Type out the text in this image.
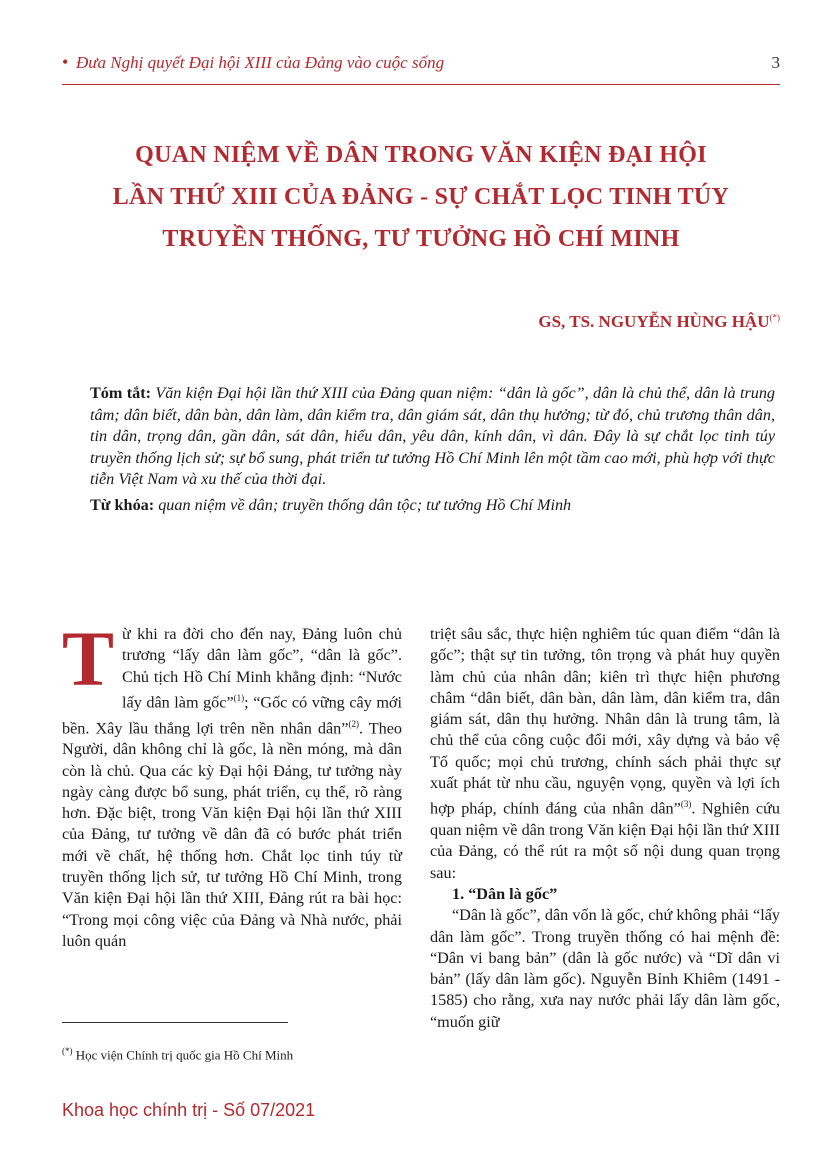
• Đưa Nghị quyết Đại hội XIII của Đảng vào cuộc sống	3
QUAN NIỆM VỀ DÂN TRONG VĂN KIỆN ĐẠI HỘI
LẦN THỨ XIII CỦA ĐẢNG - SỰ CHẮT LỌC TINH TÚY
TRUYỀN THỐNG, TƯ TƯỞNG HỒ CHÍ MINH
GS, TS. NGUYỄN HÙNG HẬU(*)

Tóm tắt: Văn kiện Đại hội lần thứ XIII của Đảng quan niệm: “dân là gốc”, dân là chủ thể, dân là trung tâm; dân biết, dân bàn, dân làm, dân kiểm tra, dân giám sát, dân thụ hưởng; từ đó, chủ trương thân dân, tin dân, trọng dân, gần dân, sát dân, hiểu dân, yêu dân, kính dân, vì dân. Đây là sự chắt lọc tinh túy truyền thống lịch sử; sự bổ sung, phát triển tư tưởng Hồ Chí Minh lên một tầm cao mới, phù hợp với thực tiễn Việt Nam và xu thế của thời đại.

Từ khóa: quan niệm về dân; truyền thống dân tộc; tư tưởng Hồ Chí Minh

Từ khi ra đời cho đến nay, Đảng luôn chủ trương “lấy dân làm gốc”, “dân là gốc”. Chủ tịch Hồ Chí Minh khẳng định: “Nước lấy dân làm gốc”$^{(1)}$; “Gốc có vững cây mới bền. Xây lầu thắng lợi trên nền nhân dân”$^{(2)}$. Theo Người, dân không chỉ là gốc, là nền móng, mà dân còn là chủ. Qua các kỳ Đại hội Đảng, tư tưởng này ngày càng được bổ sung, phát triển, cụ thể, rõ ràng hơn. Đặc biệt, trong Văn kiện Đại hội lần thứ XIII của Đảng, tư tưởng về dân đã có bước phát triển mới về chất, hệ thống hơn. Chắt lọc tinh túy từ truyền thống lịch sử, tư tưởng Hồ Chí Minh, trong Văn kiện Đại hội lần thứ XIII, Đảng rút ra bài học: “Trong mọi công việc của Đảng và Nhà nước, phải luôn quán

triệt sâu sắc, thực hiện nghiêm túc quan điểm “dân là gốc”; thật sự tin tưởng, tôn trọng và phát huy quyền làm chủ của nhân dân; kiên trì thực hiện phương châm “dân biết, dân bàn, dân làm, dân kiểm tra, dân giám sát, dân thụ hưởng. Nhân dân là trung tâm, là chủ thể của công cuộc đổi mới, xây dựng và bảo vệ Tổ quốc; mọi chủ trương, chính sách phải thực sự xuất phát từ nhu cầu, nguyện vọng, quyền và lợi ích hợp pháp, chính đáng của nhân dân”$^{(3)}$. Nghiên cứu quan niệm về dân trong Văn kiện Đại hội lần thứ XIII của Đảng, có thể rút ra một số nội dung quan trọng sau:

1. “Dân là gốc”

“Dân là gốc”, dân vốn là gốc, chứ không phải “lấy dân làm gốc”. Trong truyền thống có hai mệnh đề: “Dân vi bang bản” (dân là gốc nước) và “Dĩ dân vi bản” (lấy dân làm gốc). Nguyễn Bỉnh Khiêm (1491 - 1585) cho rằng, xưa nay nước phải lấy dân làm gốc, “muốn giữ

(*) Học viện Chính trị quốc gia Hồ Chí Minh
Khoa học chính trị - Số 07/2021
